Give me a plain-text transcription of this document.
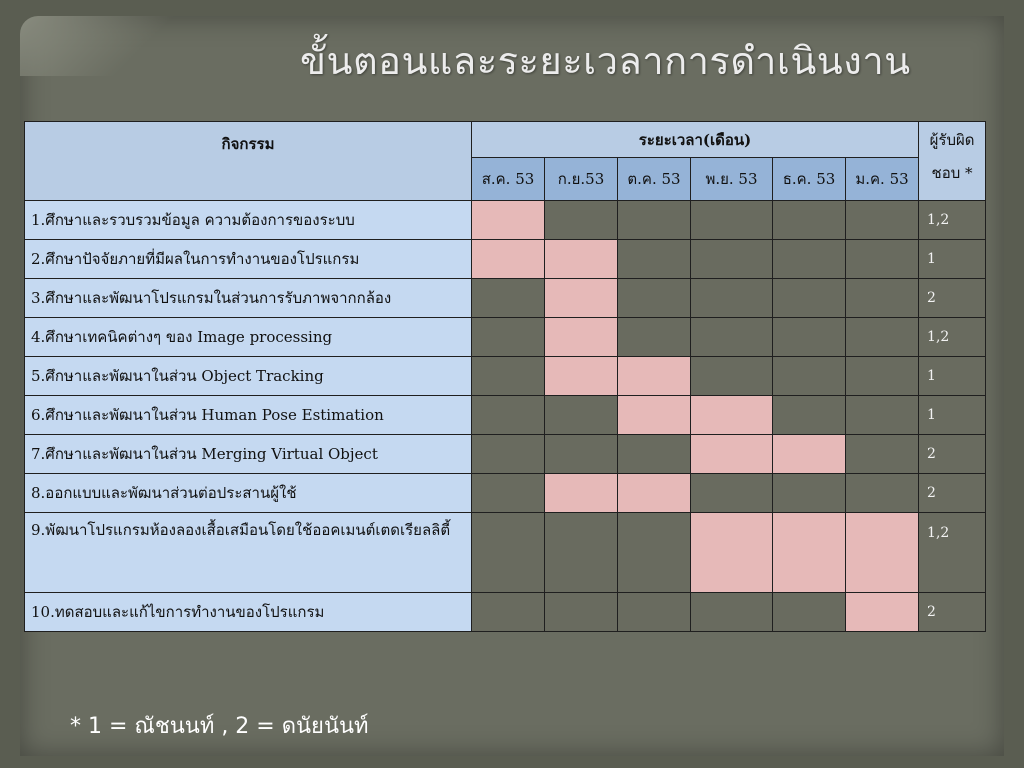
ขั้นตอนและระยะเวลาการดำเนินงาน
กิจกรรม	ระยะเวลา(เดือน)						ผู้รับผิดชอบ *
	ส.ค. 53	ก.ย.53	ต.ค. 53	พ.ย. 53	ธ.ค. 53	ม.ค. 53	
1.ศึกษาและรวบรวมข้อมูล ความต้องการของระบบ							1,2
2.ศึกษาปัจจัยภายที่มีผลในการทำงานของโปรแกรม							1
3.ศึกษาและพัฒนาโปรแกรมในส่วนการรับภาพจากกล้อง							2
4.ศึกษาเทคนิคต่างๆ ของ Image processing							1,2
5.ศึกษาและพัฒนาในส่วน Object Tracking							1
6.ศึกษาและพัฒนาในส่วน Human Pose Estimation							1
7.ศึกษาและพัฒนาในส่วน Merging Virtual Object							2
8.ออกแบบและพัฒนาส่วนต่อประสานผู้ใช้							2
9.พัฒนาโปรแกรมห้องลองเสื้อเสมือนโดยใช้ออคเมนต์เตดเรียลลิตี้							1,2
10.ทดสอบและแก้ไขการทำงานของโปรแกรม							2
* 1 = ณัชนนท์ , 2 = ดนัยนันท์
